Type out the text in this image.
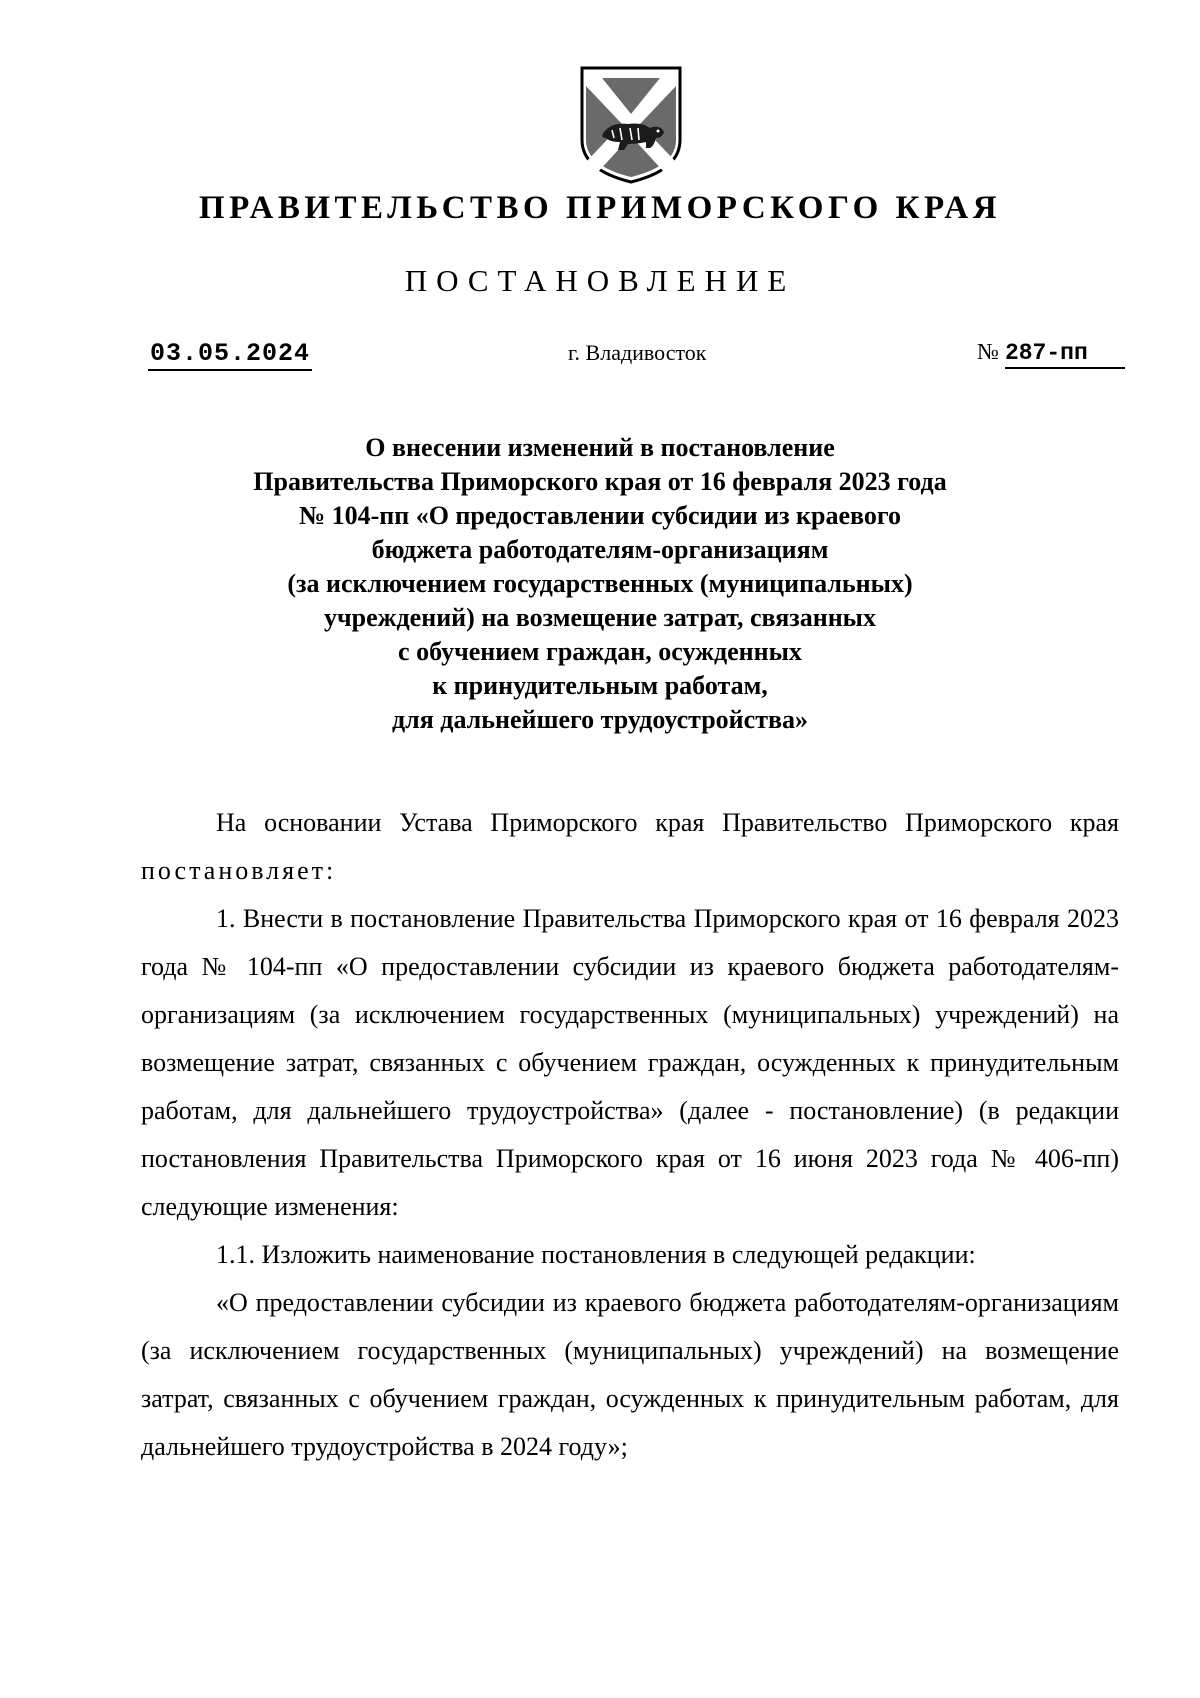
ПРАВИТЕЛЬСТВО ПРИМОРСКОГО КРАЯ
ПОСТАНОВЛЕНИЕ
03.05.2024	г. Владивосток	№ 287-пп
О внесении изменений в постановление
Правительства Приморского края от 16 февраля 2023 года
№ 104-пп «О предоставлении субсидии из краевого
бюджета работодателям-организациям
(за исключением государственных (муниципальных)
учреждений) на возмещение затрат, связанных
с обучением граждан, осужденных
к принудительным работам,
для дальнейшего трудоустройства»

На основании Устава Приморского края Правительство Приморского края постановляет:

1. Внести в постановление Правительства Приморского края от 16 февраля 2023 года № 104-пп «О предоставлении субсидии из краевого бюджета работодателям-организациям (за исключением государственных (муниципальных) учреждений) на возмещение затрат, связанных с обучением граждан, осужденных к принудительным работам, для дальнейшего трудоустройства» (далее - постановление) (в редакции постановления Правительства Приморского края от 16 июня 2023 года № 406-пп) следующие изменения:

1.1. Изложить наименование постановления в следующей редакции:

«О предоставлении субсидии из краевого бюджета работодателям-организациям (за исключением государственных (муниципальных) учреждений) на возмещение затрат, связанных с обучением граждан, осужденных к принудительным работам, для дальнейшего трудоустройства в 2024 году»;
